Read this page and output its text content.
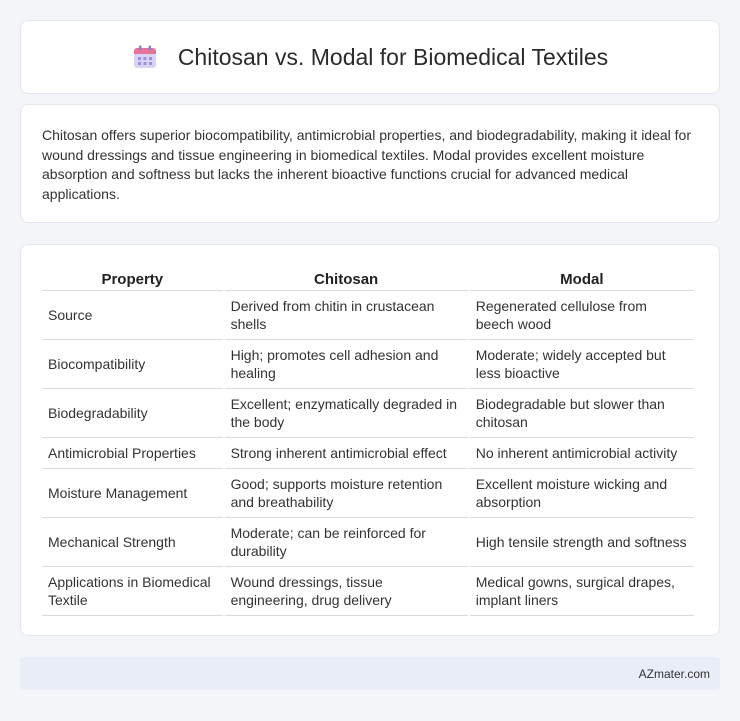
Chitosan vs. Modal for Biomedical Textiles

Chitosan offers superior biocompatibility, antimicrobial properties, and biodegradability, making it ideal for wound dressings and tissue engineering in biomedical textiles. Modal provides excellent moisture absorption and softness but lacks the inherent bioactive functions crucial for advanced medical applications.

Property	Chitosan	Modal
Source	Derived from chitin in crustacean shells	Regenerated cellulose from beech wood
Biocompatibility	High; promotes cell adhesion and healing	Moderate; widely accepted but less bioactive
Biodegradability	Excellent; enzymatically degraded in the body	Biodegradable but slower than chitosan
Antimicrobial Properties	Strong inherent antimicrobial effect	No inherent antimicrobial activity
Moisture Management	Good; supports moisture retention and breathability	Excellent moisture wicking and absorption
Mechanical Strength	Moderate; can be reinforced for durability	High tensile strength and softness
Applications in Biomedical Textile	Wound dressings, tissue engineering, drug delivery	Medical gowns, surgical drapes, implant liners
AZmater.com
